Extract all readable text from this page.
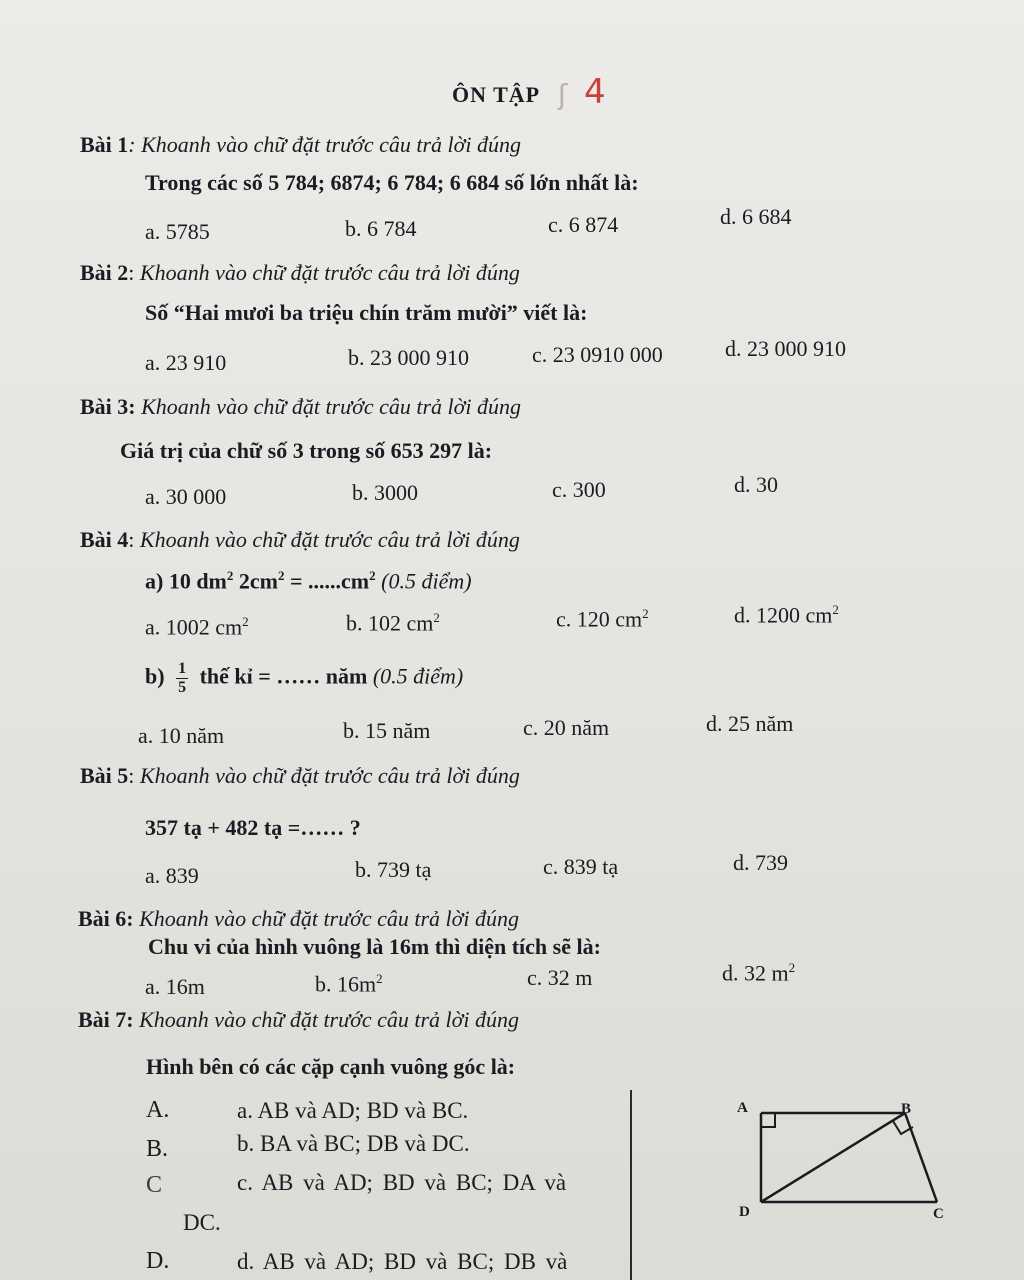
ÔN TẬP ʃ 4
Bài 1: Khoanh vào chữ đặt trước câu trả lời đúng
Trong các số 5 784; 6874; 6 784; 6 684 số lớn nhất là:
a. 5785	b. 6 784	c. 6 874	d. 6 684
Bài 2: Khoanh vào chữ đặt trước câu trả lời đúng
Số “Hai mươi ba triệu chín trăm mười” viết là:
a. 23 910	b. 23 000 910	c. 23 0910 000	d. 23 000 910
Bài 3: Khoanh vào chữ đặt trước câu trả lời đúng
Giá trị của chữ số 3 trong số 653 297 là:
a. 30 000	b. 3000	c. 300	d. 30
Bài 4: Khoanh vào chữ đặt trước câu trả lời đúng
a) 10 $dm^2$ $2cm^2 = ......cm^2$ (0.5 điểm)
a. 1002 $cm^2$	b. 102 $cm^2$	c. 120 $cm^2$	d. 1200 $cm^2$
$b) \frac{1}{5}$ thế kỉ = …… năm (0.5 điểm)
a. 10 năm	b. 15 năm	c. 20 năm	d. 25 năm
Bài 5: Khoanh vào chữ đặt trước câu trả lời đúng
357 tạ + 482 tạ =…… ?
a. 839	b. 739 tạ	c. 839 tạ	d. 739
Bài 6: Khoanh vào chữ đặt trước câu trả lời đúng
Chu vi của hình vuông là 16m thì diện tích sẽ là:
a. 16m	b. $16m^2$	c. 32 m	d. 32 $m^2$
Bài 7: Khoanh vào chữ đặt trước câu trả lời đúng
Hình bên có các cặp cạnh vuông góc là:
A.
B.
C
D.
a. AB và AD; BD và BC.
b. BA và BC; DB và DC.
c. AB và AD; BD và BC; DA và
DC.
d. AB và AD; BD và BC; DB và
A	B
D	C
